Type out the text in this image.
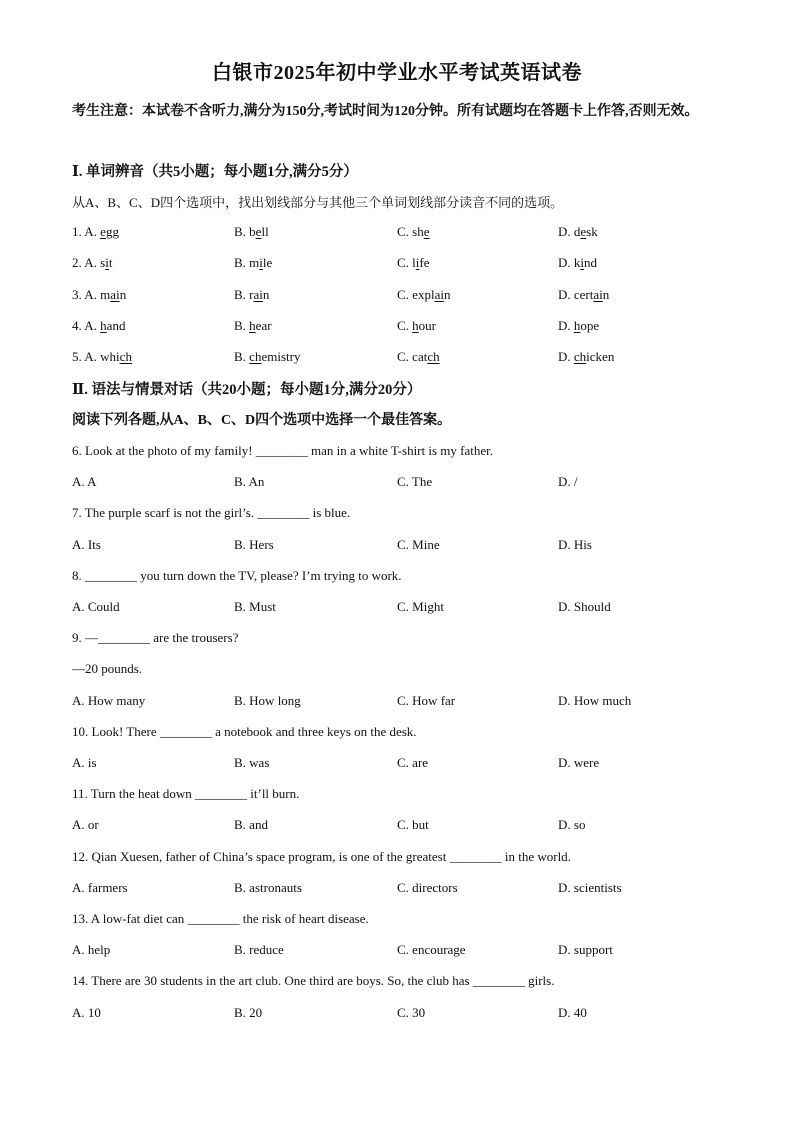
白银市2025年初中学业水平考试英语试卷
考生注意：本试卷不含听力,满分为150分,考试时间为120分钟。所有试题均在答题卡上作答,否则无效。
Ⅰ. 单词辨音（共5小题；每小题1分,满分5分）
从A、B、C、D四个选项中，找出划线部分与其他三个单词划线部分读音不同的选项。
1. A. egg	B. bell	C. she	D. desk
2. A. sit	B. mile	C. life	D. kind
3. A. main	B. rain	C. explain	D. certain
4. A. hand	B. hear	C. hour	D. hope
5. A. which	B. chemistry	C. catch	D. chicken
Ⅱ. 语法与情景对话（共20小题；每小题1分,满分20分）
阅读下列各题,从A、B、C、D四个选项中选择一个最佳答案。
6. Look at the photo of my family! ________ man in a white T-shirt is my father.
A. A	B. An	C. The	D. /
7. The purple scarf is not the girl’s. ________ is blue.
A. Its	B. Hers	C. Mine	D. His
8. ________ you turn down the TV, please? I’m trying to work.
A. Could	B. Must	C. Might	D. Should
9. —________ are the trousers?
—20 pounds.
A. How many	B. How long	C. How far	D. How much
10. Look! There ________ a notebook and three keys on the desk.
A. is	B. was	C. are	D. were
11. Turn the heat down ________ it’ll burn.
A. or	B. and	C. but	D. so
12. Qian Xuesen, father of China’s space program, is one of the greatest ________ in the world.
A. farmers	B. astronauts	C. directors	D. scientists
13. A low-fat diet can ________ the risk of heart disease.
A. help	B. reduce	C. encourage	D. support
14. There are 30 students in the art club. One third are boys. So, the club has ________ girls.
A. 10	B. 20	C. 30	D. 40
